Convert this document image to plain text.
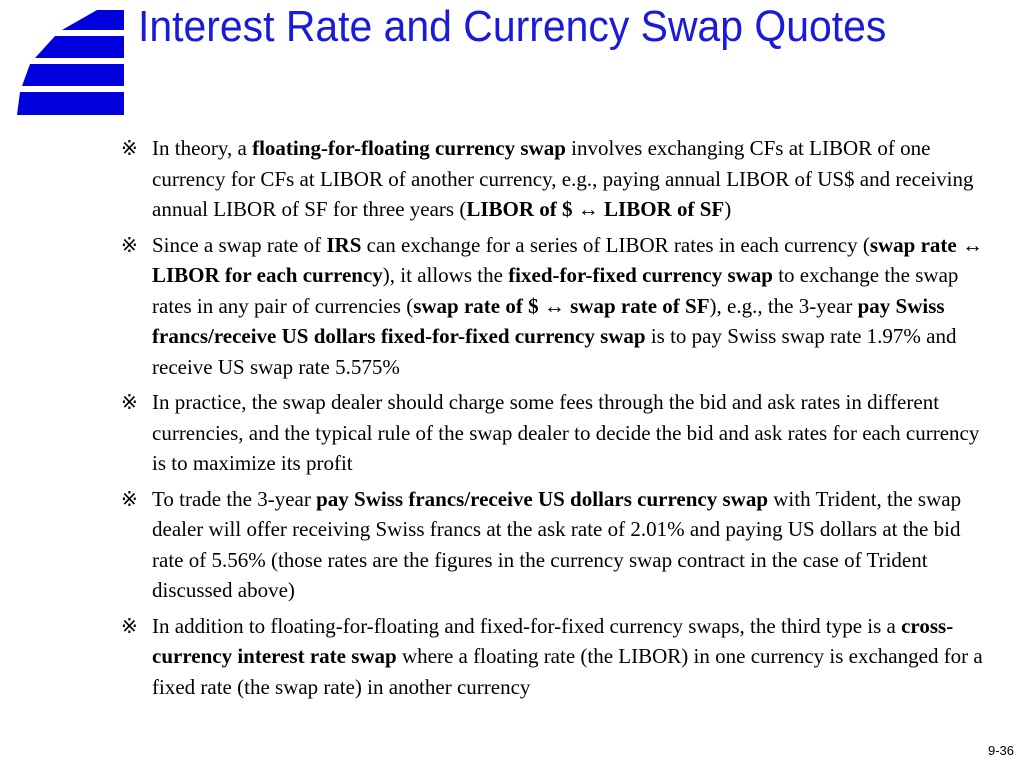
Interest Rate and Currency Swap Quotes
※ In theory, a floating-for-floating currency swap involves exchanging CFs at LIBOR of one currency for CFs at LIBOR of another currency, e.g., paying annual LIBOR of US$ and receiving annual LIBOR of SF for three years (LIBOR of $ ↔ LIBOR of SF)
※ Since a swap rate of IRS can exchange for a series of LIBOR rates in each currency (swap rate ↔ LIBOR for each currency), it allows the fixed-for-fixed currency swap to exchange the swap rates in any pair of currencies (swap rate of $ ↔ swap rate of SF), e.g., the 3-year pay Swiss francs/receive US dollars fixed-for-fixed currency swap is to pay Swiss swap rate 1.97% and receive US swap rate 5.575%
※ In practice, the swap dealer should charge some fees through the bid and ask rates in different currencies, and the typical rule of the swap dealer to decide the bid and ask rates for each currency is to maximize its profit
※ To trade the 3-year pay Swiss francs/receive US dollars currency swap with Trident, the swap dealer will offer receiving Swiss francs at the ask rate of 2.01% and paying US dollars at the bid rate of 5.56% (those rates are the figures in the currency swap contract in the case of Trident discussed above)
※ In addition to floating-for-floating and fixed-for-fixed currency swaps, the third type is a cross-currency interest rate swap where a floating rate (the LIBOR) in one currency is exchanged for a fixed rate (the swap rate) in another currency
9-36
